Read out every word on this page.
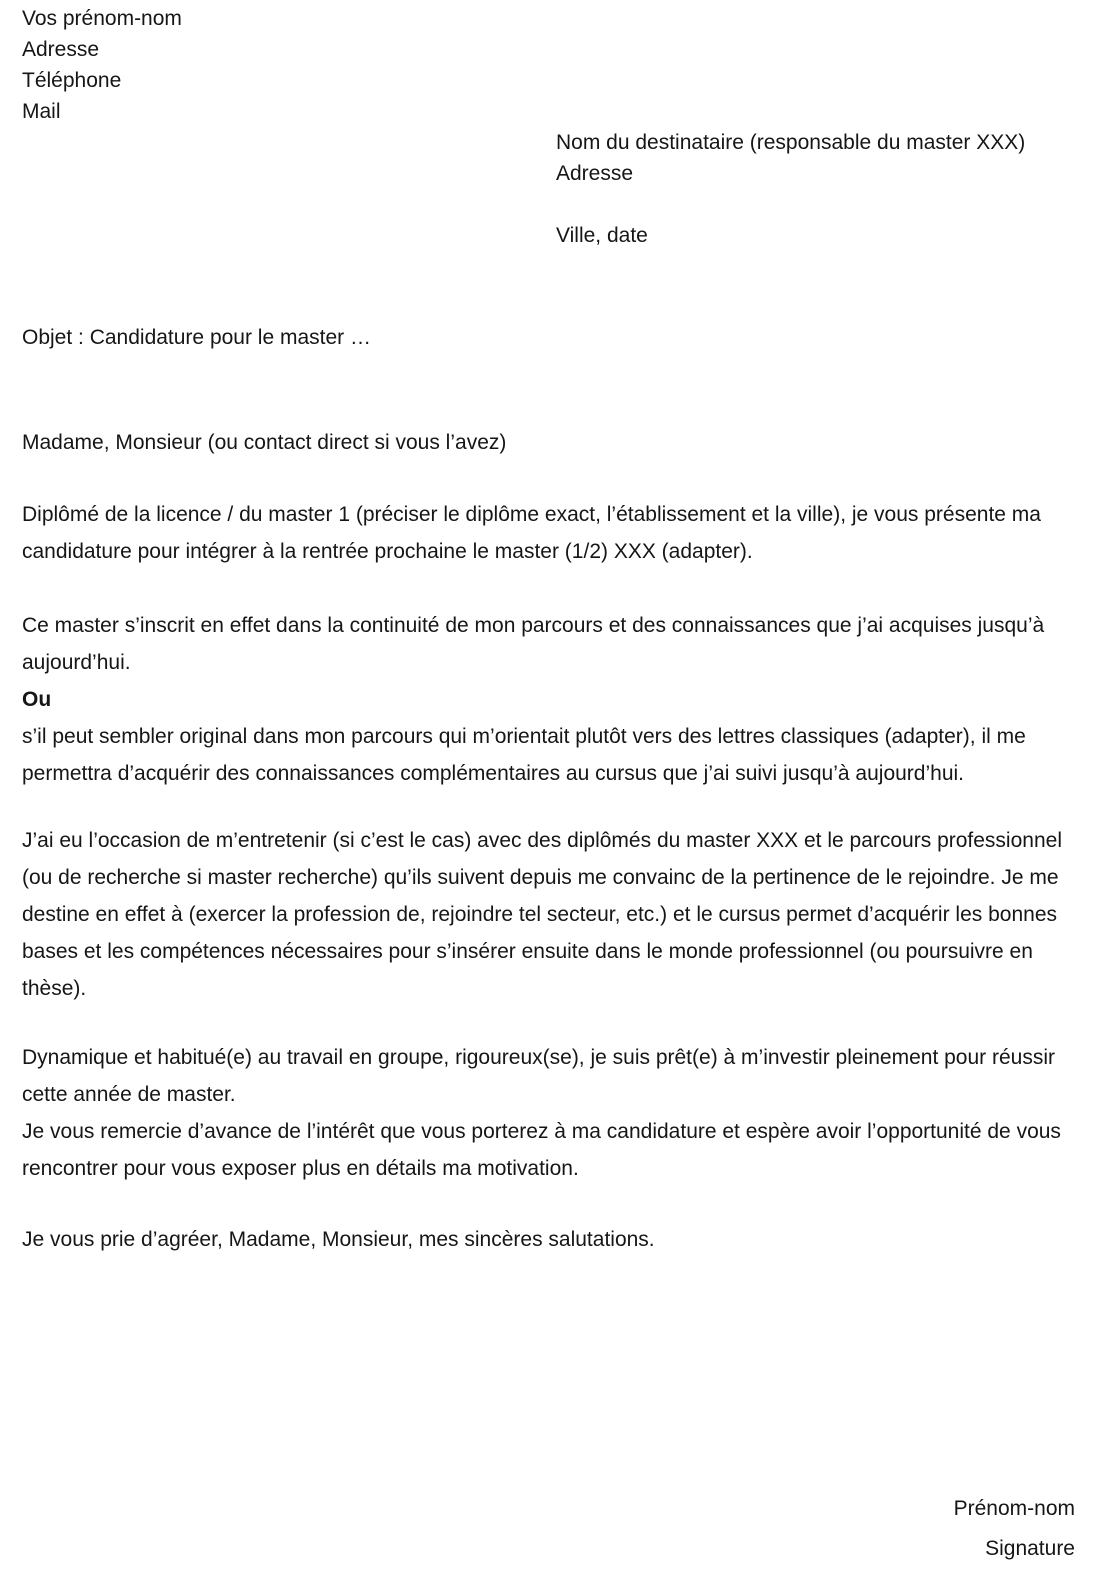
Vos prénom-nom
Adresse
Téléphone
Mail
Nom du destinataire (responsable du master XXX)
Adresse
Ville, date

Objet : Candidature pour le master …

Madame, Monsieur (ou contact direct si vous l’avez)

Diplômé de la licence / du master 1 (préciser le diplôme exact, l’établissement et la ville), je vous présente ma candidature pour intégrer à la rentrée prochaine le master (1/2) XXX (adapter).

Ce master s’inscrit en effet dans la continuité de mon parcours et des connaissances que j’ai acquises jusqu’à aujourd’hui.

Ou

s’il peut sembler original dans mon parcours qui m’orientait plutôt vers des lettres classiques (adapter), il me permettra d’acquérir des connaissances complémentaires au cursus que j’ai suivi jusqu’à aujourd’hui.

J’ai eu l’occasion de m’entretenir (si c’est le cas) avec des diplômés du master XXX et le parcours professionnel (ou de recherche si master recherche) qu’ils suivent depuis me convainc de la pertinence de le rejoindre. Je me destine en effet à (exercer la profession de, rejoindre tel secteur, etc.) et le cursus permet d’acquérir les bonnes bases et les compétences nécessaires pour s’insérer ensuite dans le monde professionnel (ou poursuivre en thèse).

Dynamique et habitué(e) au travail en groupe, rigoureux(se), je suis prêt(e) à m’investir pleinement pour réussir cette année de master.

Je vous remercie d’avance de l’intérêt que vous porterez à ma candidature et espère avoir l’opportunité de vous rencontrer pour vous exposer plus en détails ma motivation.

Je vous prie d’agréer, Madame, Monsieur, mes sincères salutations.

Prénom-nom
Signature
